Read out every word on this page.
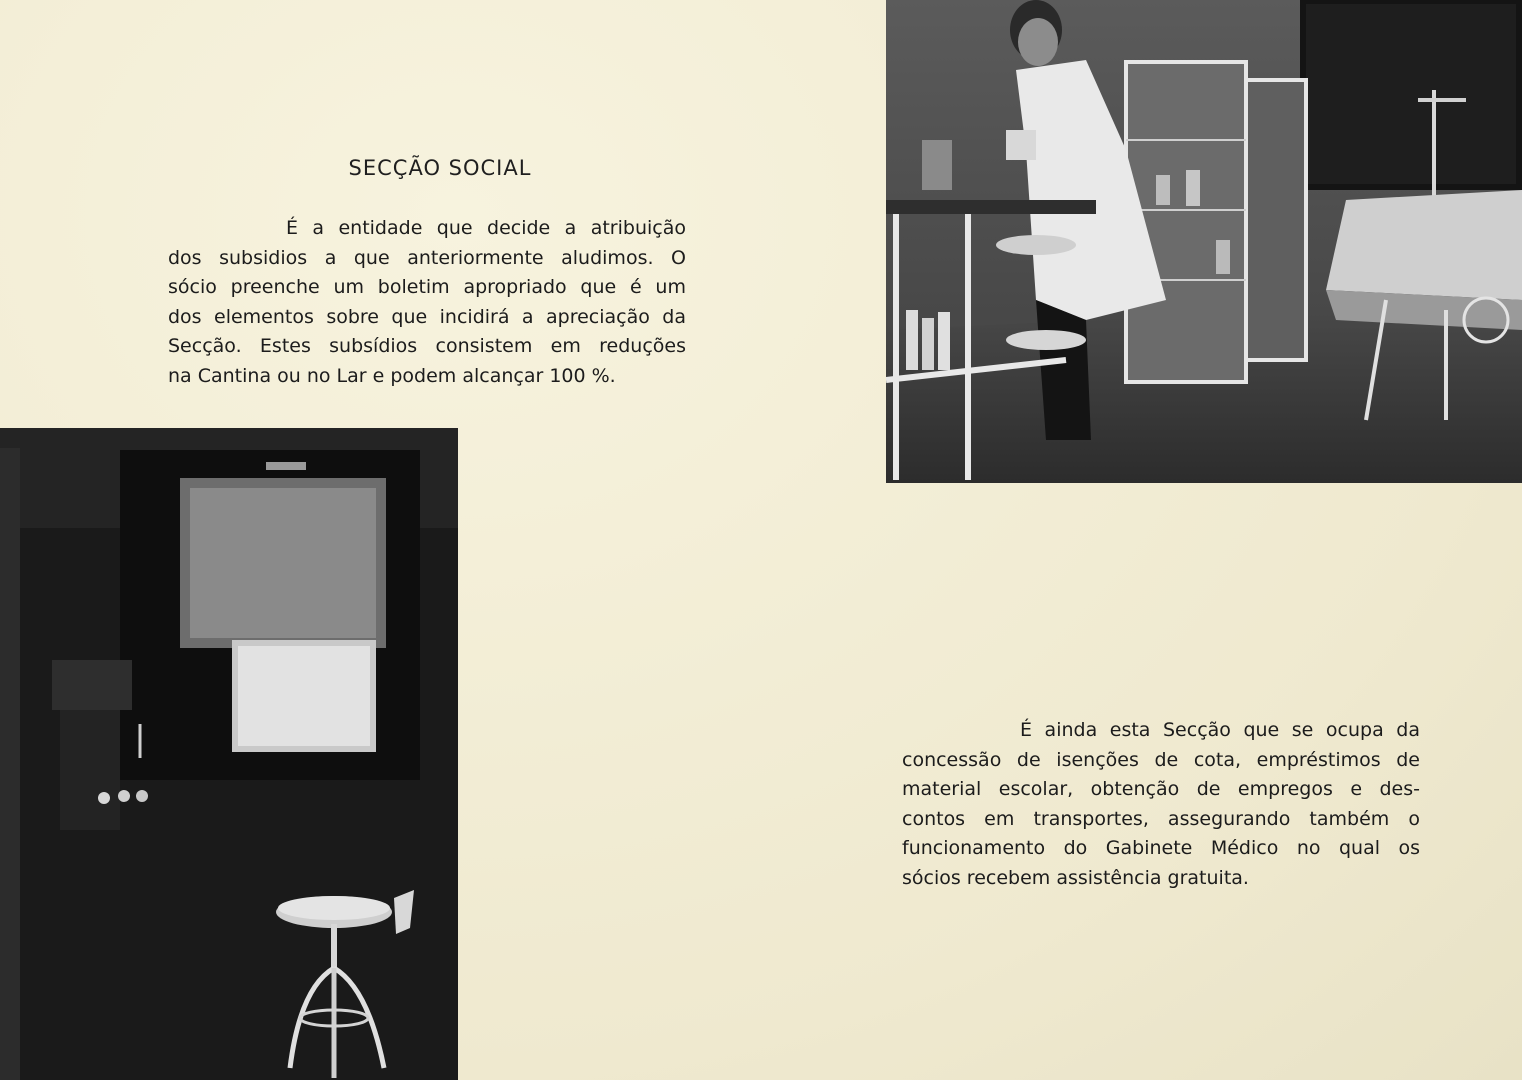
SECÇÃO SOCIAL
É a entidade que decide a atribuição
dos subsidios a que anteriormente aludimos. O
sócio preenche um boletim apropriado que é um
dos elementos sobre que incidirá a apreciação da
Secção. Estes subsídios consistem em reduções
na Cantina ou no Lar e podem alcançar 100 %.
É ainda esta Secção que se ocupa da
concessão de isenções de cota, empréstimos de
material escolar, obtenção de empregos e des-
contos em transportes, assegurando também o
funcionamento do Gabinete Médico no qual os
sócios recebem assistência gratuita.
